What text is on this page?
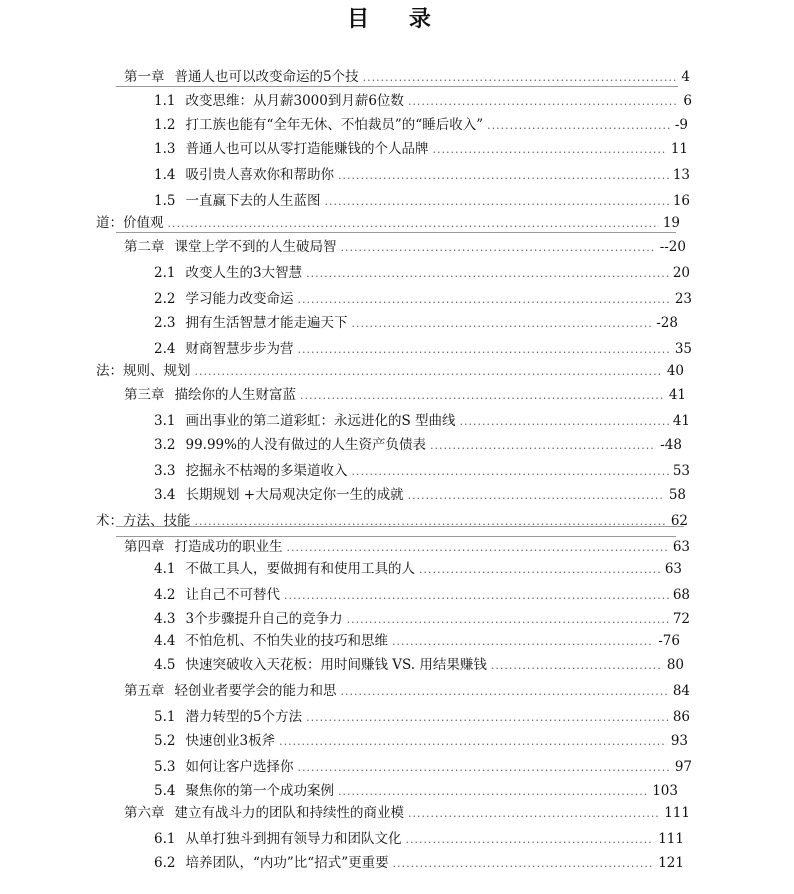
目 录
第一章 普通人也可以改变命运的5个技 .....	4
1.1 改变思维：从月薪3000到月薪6位数 .....	6
1.2 打工族也能有“全年无休、不怕裁员”的“睡后收入” .....	-9
1.3 普通人也可以从零打造能赚钱的个人品牌 .....	11
1.4 吸引贵人喜欢你和帮助你 .....	13
1.5 一直赢下去的人生蓝图 .....	16
道：价值观 .....	19
第二章 课堂上学不到的人生破局智 .....	--20
2.1 改变人生的3大智慧 .....	20
2.2 学习能力改变命运 .....	23
2.3 拥有生活智慧才能走遍天下 .....	-28
2.4 财商智慧步步为营 .....	35
法：规则、规划 .....	40
第三章 描绘你的人生财富蓝 .....	41
3.1 画出事业的第二道彩虹：永远进化的S 型曲线 .....	41
3.2 99.99%的人没有做过的人生资产负债表 .....	-48
3.3 挖掘永不枯竭的多渠道收入 .....	53
3.4 长期规划 +大局观决定你一生的成就 .....	58
术：方法、技能 .....	62
第四章 打造成功的职业生 .....	63
4.1 不做工具人，要做拥有和使用工具的人 .....	63
4.2 让自己不可替代 .....	68
4.3 3个步骤提升自己的竞争力 .....	72
4.4 不怕危机、不怕失业的技巧和思维 .....	-76
4.5 快速突破收入天花板：用时间赚钱 VS. 用结果赚钱 .....	80
第五章 轻创业者要学会的能力和思 .....	84
5.1 潜力转型的5个方法 .....	86
5.2 快速创业3板斧 .....	93
5.3 如何让客户选择你 .....	97
5.4 聚焦你的第一个成功案例 .....	103
第六章 建立有战斗力的团队和持续性的商业模 .....	111
6.1 从单打独斗到拥有领导力和团队文化 .....	111
6.2 培养团队，“内功”比“招式”更重要 .....	121
